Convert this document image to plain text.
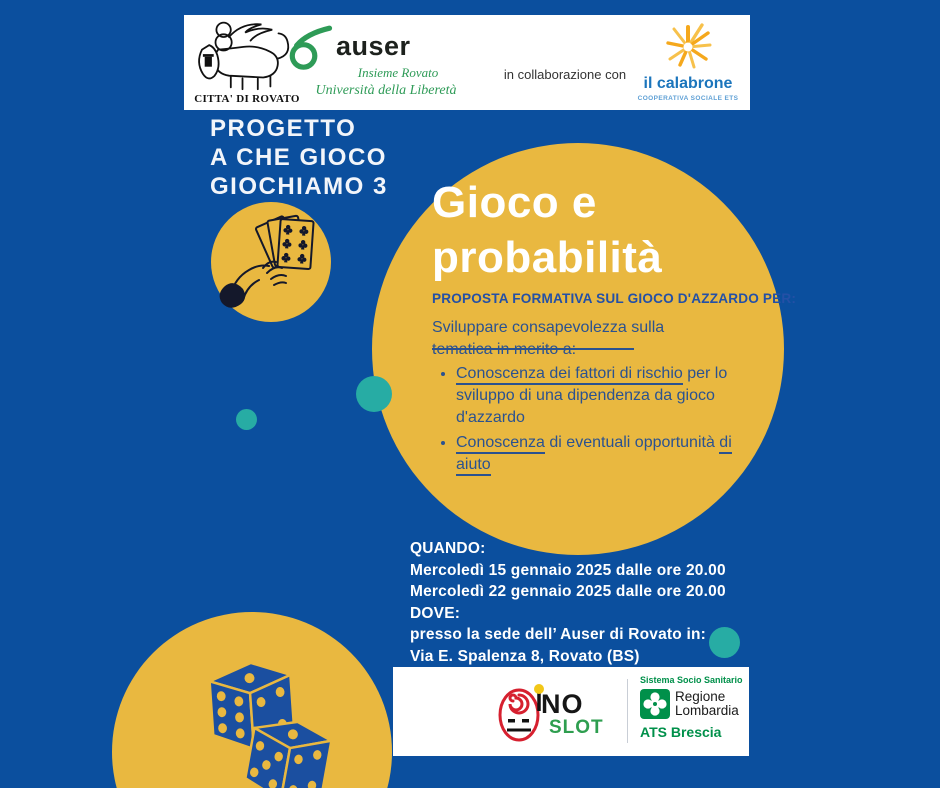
CITTA' DI ROVATO
auser
Insieme Rovato
Università della Liberetà
in collaborazione con
il calabrone
COOPERATIVA SOCIALE ETS
PROGETTO
A CHE GIOCO
GIOCHIAMO 3 Gioco e
probabilità
PROPOSTA FORMATIVA SUL GIOCO D'AZZARDO PER:
Sviluppare consapevolezza sulla
• Conoscenza dei fattori di rischio per lo sviluppo di una dipendenza da gioco d'azzardo
• Conoscenza di eventuali opportunità di aiuto
QUANDO:
Mercoledì 15 gennaio 2025 dalle ore 20.00
Mercoledì 22 gennaio 2025 dalle ore 20.00
DOVE:
presso la sede dell’ Auser di Rovato in:
Via E. Spalenza 8, Rovato (BS)
NO
SLOT
Sistema Socio Sanitario
Regione
Lombardia
ATS Brescia
